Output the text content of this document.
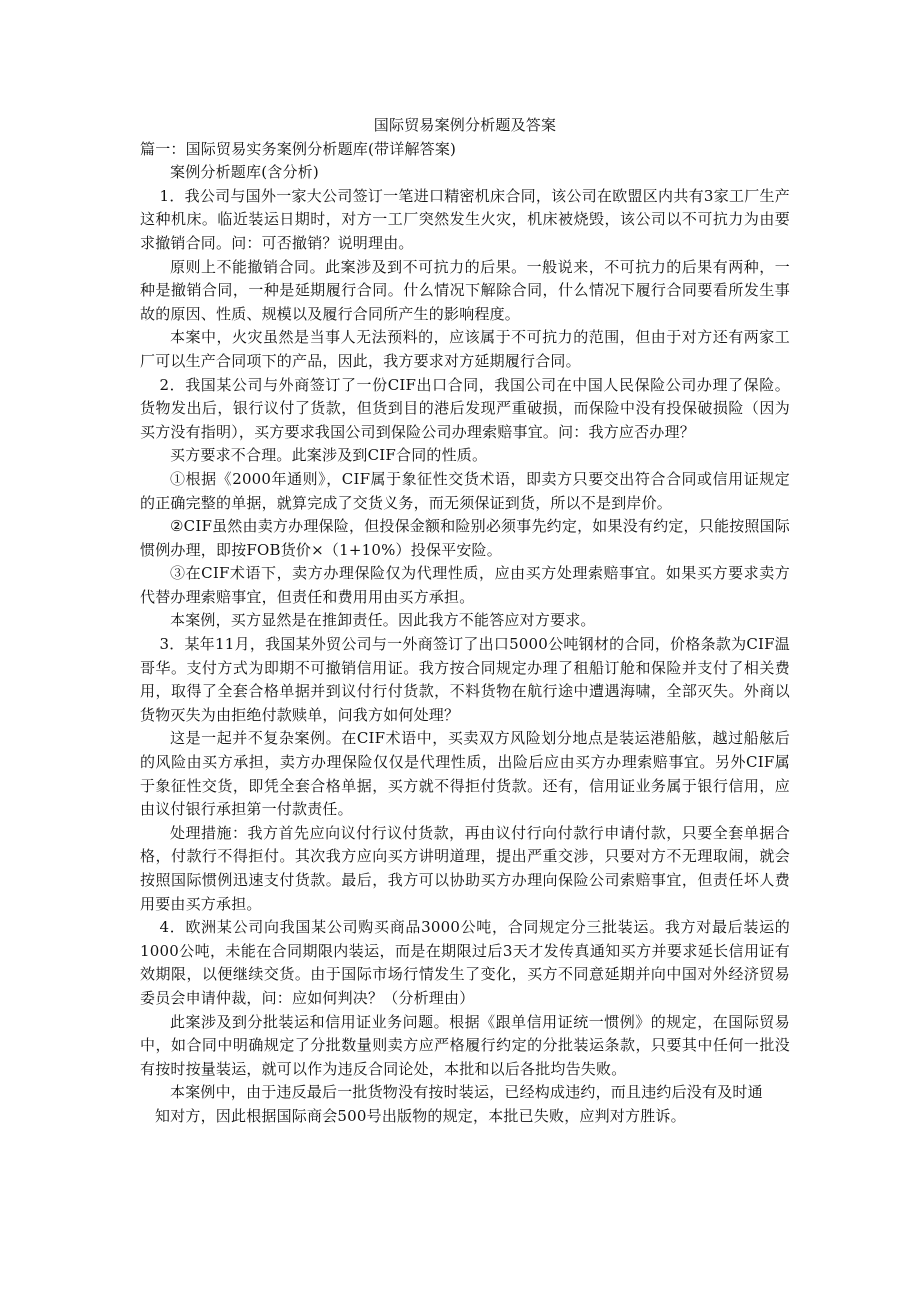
国际贸易案例分析题及答案

篇一：国际贸易实务案例分析题库(带详解答案)

案例分析题库(含分析)

1．我公司与国外一家大公司签订一笔进口精密机床合同，该公司在欧盟区内共有3家工厂生产这种机床。临近装运日期时，对方一工厂突然发生火灾，机床被烧毁，该公司以不可抗力为由要求撤销合同。问：可否撤销？说明理由。

原则上不能撤销合同。此案涉及到不可抗力的后果。一般说来，不可抗力的后果有两种，一种是撤销合同，一种是延期履行合同。什么情况下解除合同，什么情况下履行合同要看所发生事故的原因、性质、规模以及履行合同所产生的影响程度。

本案中，火灾虽然是当事人无法预料的，应该属于不可抗力的范围，但由于对方还有两家工厂可以生产合同项下的产品，因此，我方要求对方延期履行合同。

2．我国某公司与外商签订了一份CIF出口合同，我国公司在中国人民保险公司办理了保险。货物发出后，银行议付了货款，但货到目的港后发现严重破损，而保险中没有投保破损险（因为买方没有指明），买方要求我国公司到保险公司办理索赔事宜。问：我方应否办理？

买方要求不合理。此案涉及到CIF合同的性质。

①根据《2000年通则》，CIF属于象征性交货术语，即卖方只要交出符合合同或信用证规定的正确完整的单据，就算完成了交货义务，而无须保证到货，所以不是到岸价。

②CIF虽然由卖方办理保险，但投保金额和险别必须事先约定，如果没有约定，只能按照国际惯例办理，即按FOB货价×（1+10%）投保平安险。

③在CIF术语下，卖方办理保险仅为代理性质，应由买方处理索赔事宜。如果买方要求卖方代替办理索赔事宜，但责任和费用用由买方承担。

本案例，买方显然是在推卸责任。因此我方不能答应对方要求。

3．某年11月，我国某外贸公司与一外商签订了出口5000公吨钢材的合同，价格条款为CIF温哥华。支付方式为即期不可撤销信用证。我方按合同规定办理了租船订舱和保险并支付了相关费用，取得了全套合格单据并到议付行付货款，不料货物在航行途中遭遇海啸，全部灭失。外商以货物灭失为由拒绝付款赎单，问我方如何处理？

这是一起并不复杂案例。在CIF术语中，买卖双方风险划分地点是装运港船舷，越过船舷后的风险由买方承担，卖方办理保险仅仅是代理性质，出险后应由买方办理索赔事宜。另外CIF属于象征性交货，即凭全套合格单据，买方就不得拒付货款。还有，信用证业务属于银行信用，应由议付银行承担第一付款责任。

处理措施：我方首先应向议付行议付货款，再由议付行向付款行申请付款，只要全套单据合格，付款行不得拒付。其次我方应向买方讲明道理，提出严重交涉，只要对方不无理取闹，就会按照国际惯例迅速支付货款。最后，我方可以协助买方办理向保险公司索赔事宜，但责任坏人费用要由买方承担。

4．欧洲某公司向我国某公司购买商品3000公吨，合同规定分三批装运。我方对最后装运的1000公吨，未能在合同期限内装运，而是在期限过后3天才发传真通知买方并要求延长信用证有效期限，以便继续交货。由于国际市场行情发生了变化，买方不同意延期并向中国对外经济贸易委员会申请仲裁，问：应如何判决？（分析理由）

此案涉及到分批装运和信用证业务问题。根据《跟单信用证统一惯例》的规定，在国际贸易中，如合同中明确规定了分批数量则卖方应严格履行约定的分批装运条款，只要其中任何一批没有按时按量装运，就可以作为违反合同论处，本批和以后各批均告失败。

本案例中，由于违反最后一批货物没有按时装运，已经构成违约，而且违约后没有及时通

知对方，因此根据国际商会500号出版物的规定，本批已失败，应判对方胜诉。
